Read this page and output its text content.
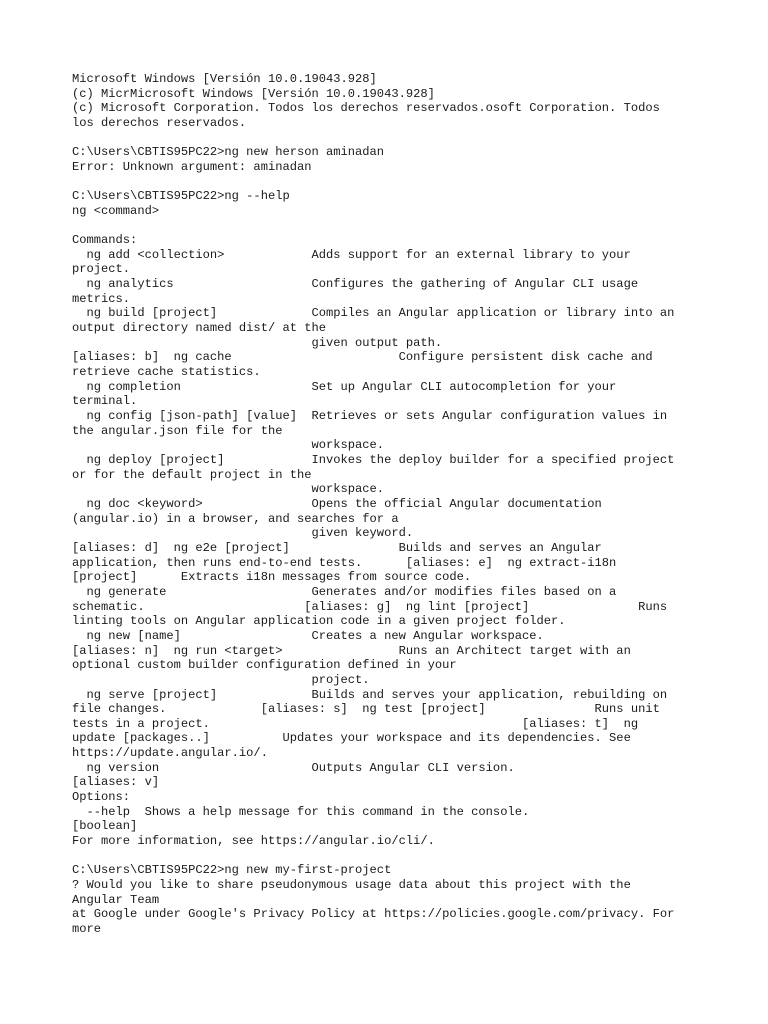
Microsoft Windows [Versión 10.0.19043.928]
(c) MicrMicrosoft Windows [Versión 10.0.19043.928]
(c) Microsoft Corporation. Todos los derechos reservados.osoft Corporation. Todos
los derechos reservados.
C:\Users\CBTIS95PC22>ng new herson aminadan
Error: Unknown argument: aminadan
C:\Users\CBTIS95PC22>ng --help
ng <command>
Commands:
ng add <collection>            Adds support for an external library to your
project.
ng analytics                   Configures the gathering of Angular CLI usage
metrics.
ng build [project]             Compiles an Angular application or library into an
output directory named dist/ at the
given output path.
[aliases: b]  ng cache                       Configure persistent disk cache and
retrieve cache statistics.
ng completion                  Set up Angular CLI autocompletion for your
terminal.
ng config [json-path] [value]  Retrieves or sets Angular configuration values in
the angular.json file for the
workspace.
ng deploy [project]            Invokes the deploy builder for a specified project
or for the default project in the
workspace.
ng doc <keyword>               Opens the official Angular documentation
(angular.io) in a browser, and searches for a
given keyword.
[aliases: d]  ng e2e [project]               Builds and serves an Angular
application, then runs end-to-end tests.      [aliases: e]  ng extract-i18n
[project]      Extracts i18n messages from source code.
ng generate                    Generates and/or modifies files based on a
schematic.                      [aliases: g]  ng lint [project]               Runs
linting tools on Angular application code in a given project folder.
ng new [name]                  Creates a new Angular workspace.
[aliases: n]  ng run <target>                Runs an Architect target with an
optional custom builder configuration defined in your
project.
ng serve [project]             Builds and serves your application, rebuilding on
file changes.             [aliases: s]  ng test [project]               Runs unit
tests in a project.                                           [aliases: t]  ng
update [packages..]          Updates your workspace and its dependencies. See
https://update.angular.io/.
ng version                     Outputs Angular CLI version.
[aliases: v]
Options:
--help  Shows a help message for this command in the console.
[boolean]
For more information, see https://angular.io/cli/.
C:\Users\CBTIS95PC22>ng new my-first-project
? Would you like to share pseudonymous usage data about this project with the
Angular Team
at Google under Google's Privacy Policy at https://policies.google.com/privacy. For
more
